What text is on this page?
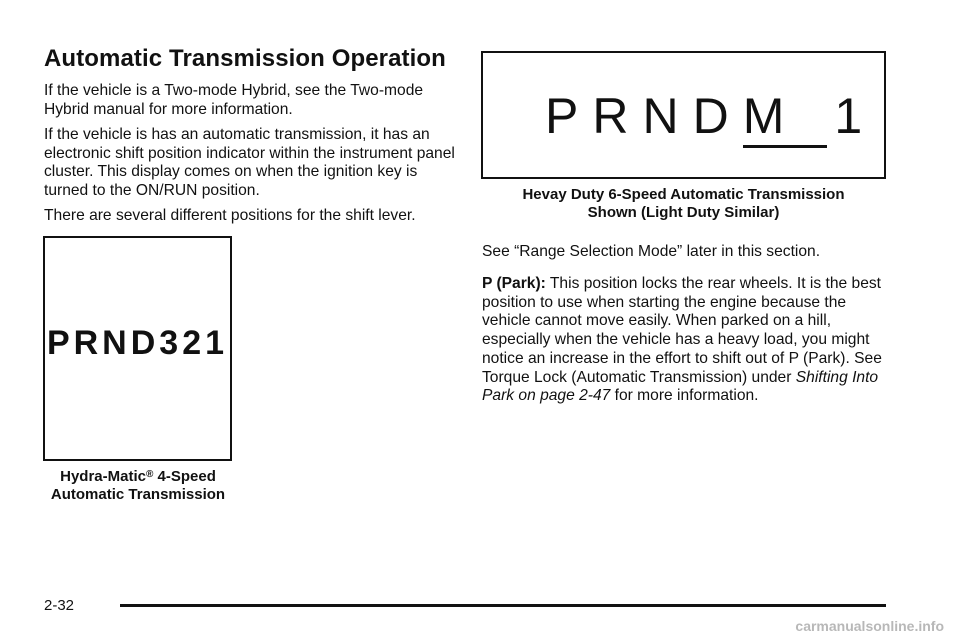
Automatic Transmission Operation

If the vehicle is a Two-mode Hybrid, see the Two-mode Hybrid manual for more information.

If the vehicle is has an automatic transmission, it has an electronic shift position indicator within the instrument panel cluster. This display comes on when the ignition key is turned to the ON/RUN position.

There are several different positions for the shift lever.

PRND321
Hydra-Matic® 4-Speed
Automatic Transmission
PRNDM 1
Hevay Duty 6-Speed Automatic Transmission
Shown (Light Duty Similar)

See “Range Selection Mode” later in this section.

P (Park): This position locks the rear wheels. It is the best position to use when starting the engine because the vehicle cannot move easily. When parked on a hill, especially when the vehicle has a heavy load, you might notice an increase in the effort to shift out of P (Park). See Torque Lock (Automatic Transmission) under Shifting Into Park on page 2-47 for more information.

2-32
carmanualsonline.info
